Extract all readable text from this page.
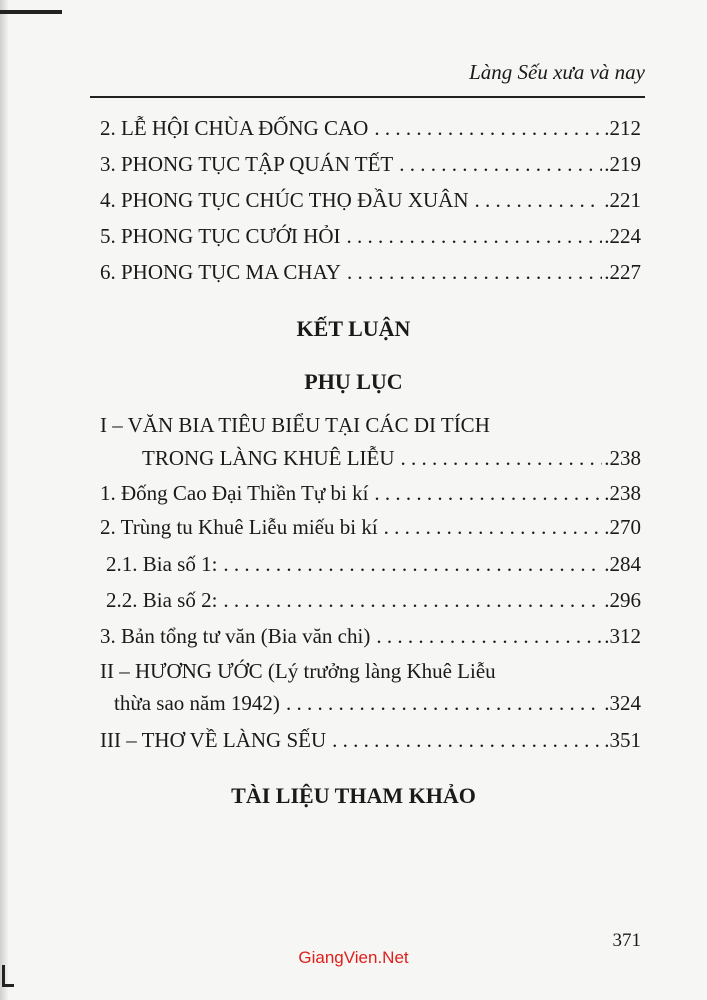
Làng Sếu xưa và nay
2. LỄ HỘI CHÙA ĐỐNG CAO . . .	.212
3. PHONG TỤC TẬP QUÁN TẾT . . .	.219
4. PHONG TỤC CHÚC THỌ ĐẦU XUÂN . . .	.221
5. PHONG TỤC CƯỚI HỎI . . .	.224
6. PHONG TỤC MA CHAY . . .	.227
KẾT LUẬN
PHỤ LỤC
I – VĂN BIA TIÊU BIỂU TẠI CÁC DI TÍCH
TRONG LÀNG KHUÊ LIỄU . . .	.238
1. Đống Cao Đại Thiền Tự bi kí . . .	.238
2. Trùng tu Khuê Liễu miếu bi kí . . .	.270
2.1. Bia số 1: . . .	.284
2.2. Bia số 2: . . .	.296
3. Bản tổng tư văn (Bia văn chi) . . .	.312
II – HƯƠNG ƯỚC (Lý trưởng làng Khuê Liễu
thừa sao năm 1942) . . .	.324
III – THƠ VỀ LÀNG SẾU . . .	.351
TÀI LIỆU THAM KHẢO
371
GiangVien.Net
